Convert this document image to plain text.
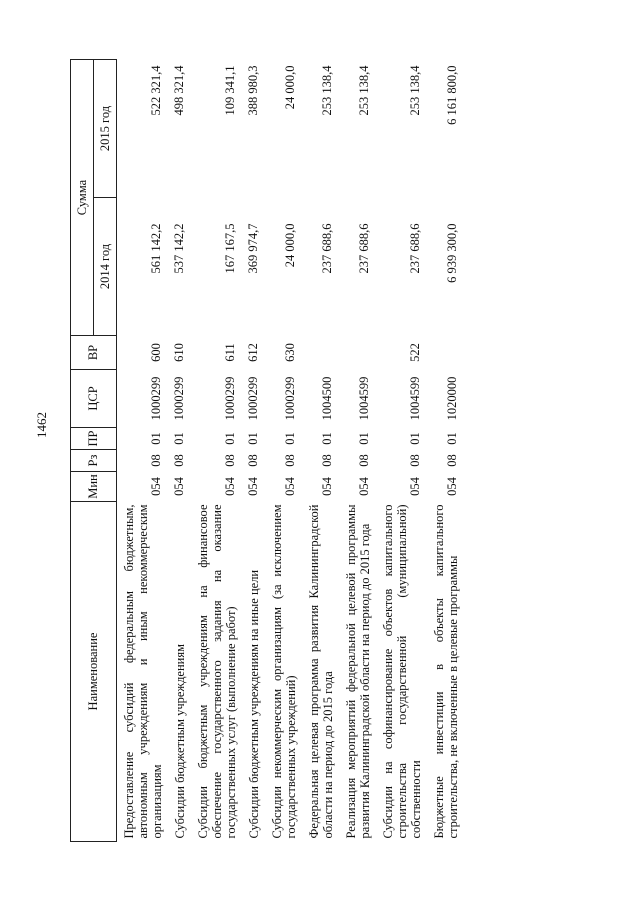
1462
Наименование	Мин	Рз	ПР	ЦСР	ВР	Сумма	
						2014 год	2015 год
Предоставление субсидий федеральным бюджетным, автономным учреждениям и иным некоммерческим организациям	054	08	01	1000299	600	561 142,2	522 321,4
Субсидии бюджетным учреждениям	054	08	01	1000299	610	537 142,2	498 321,4
Субсидии бюджетным учреждениям на финансовое обеспечение государственного задания на оказание государственных услуг (выполнение работ)	054	08	01	1000299	611	167 167,5	109 341,1
Субсидии бюджетным учреждениям на иные цели	054	08	01	1000299	612	369 974,7	388 980,3
Субсидии некоммерческим организациям (за исключением государственных учреждений)	054	08	01	1000299	630	24 000,0	24 000,0
Федеральная целевая программа развития Калининградской области на период до 2015 года	054	08	01	1004500		237 688,6	253 138,4
Реализация мероприятий федеральной целевой программы развития Калининградской области на период до 2015 года	054	08	01	1004599		237 688,6	253 138,4
Субсидии на софинансирование объектов капитального строительства государственной (муниципальной) собственности	054	08	01	1004599	522	237 688,6	253 138,4
Бюджетные инвестиции в объекты капитального строительства, не включенные в целевые программы	054	08	01	1020000		6 939 300,0	6 161 800,0
